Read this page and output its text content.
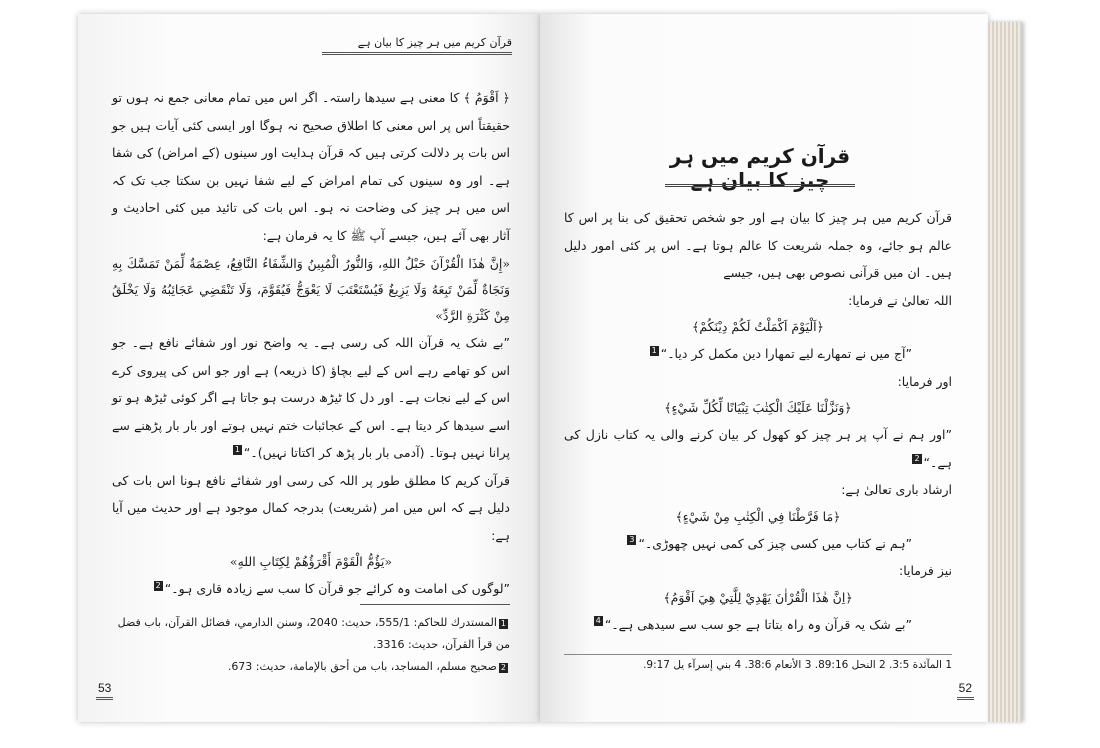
قرآن کریم میں ہر چیز کا بیان ہے
﴿ اَقْوَمُ ﴾ کا معنی ہے سیدھا راستہ۔ اگر اس میں تمام معانی جمع نہ ہوں تو حقیقتاً اس پر اس معنی کا اطلاق صحیح نہ ہوگا اور ایسی کئی آیات ہیں جو اس بات پر دلالت کرتی ہیں کہ قرآن ہدایت اور سینوں (کے امراض) کی شفا ہے۔ اور وہ سینوں کی تمام امراض کے لیے شفا نہیں بن سکتا جب تک کہ اس میں ہر چیز کی وضاحت نہ ہو۔ اس بات کی تائید میں کئی احادیث و آثار بھی آئے ہیں، جیسے آپ ﷺ کا یہ فرمان ہے:
«إِنَّ هٰذَا الْقُرْآنَ حَبْلُ اللهِ، وَالنُّورُ الْمُبِينُ وَالشِّفَاءُ النَّافِعُ، عِصْمَةٌ لِّمَنْ تَمَسَّكَ بِهِ وَنَجَاةٌ لِّمَنْ تَبِعَهُ وَلَا يَزِيغُ فَيُسْتَعْتَبَ لَا يَعْوَجُّ فَيُقَوَّمَ، وَلَا تَنْقَضِي عَجَائِبُهُ وَلَا يَخْلَقُ مِنْ كَثْرَةِ الرَّدِّ»
”بے شک یہ قرآن اللہ کی رسی ہے۔ یہ واضح نور اور شفائے نافع ہے۔ جو اس کو تھامے رہے اس کے لیے بچاؤ (کا ذریعہ) ہے اور جو اس کی پیروی کرے اس کے لیے نجات ہے۔ اور دل کا ٹیڑھ درست ہو جاتا ہے اگر کوئی ٹیڑھ ہو تو اسے سیدھا کر دیتا ہے۔ اس کے عجائبات ختم نہیں ہوتے اور بار بار پڑھنے سے پرانا نہیں ہوتا۔ (آدمی بار بار پڑھ کر اکتاتا نہیں)۔“1
قرآن کریم کا مطلق طور پر اللہ کی رسی اور شفائے نافع ہونا اس بات کی دلیل ہے کہ اس میں امر (شریعت) بدرجہ کمال موجود ہے اور حدیث میں آیا ہے:
«يَؤُمُّ الْقَوْمَ أَقْرَؤُهُمْ لِكِتَابِ اللهِ»
”لوگوں کی امامت وہ کرائے جو قرآن کا سب سے زیادہ قاری ہو۔“2
1المستدرك للحاكم: 555/1، حديث: 2040، وسنن الدارمي، فضائل القرآن، باب فضل من قرأ القرآن، حديث: 3316.
2صحيح مسلم، المساجد، باب من أحق بالإمامة، حديث: 673.
53
قرآن کریم میں ہر چیز کا بیان ہے
قرآن کریم میں ہر چیز کا بیان ہے اور جو شخص تحقیق کی بنا پر اس کا عالم ہو جائے، وہ جملہ شریعت کا عالم ہوتا ہے۔ اس پر کئی امور دلیل ہیں۔ ان میں قرآنی نصوص بھی ہیں، جیسے
اللہ تعالیٰ نے فرمایا:
﴿اَلْيَوْمَ اَكْمَلْتُ لَكُمْ دِيْنَكُمْ﴾
”آج میں نے تمھارے لیے تمھارا دین مکمل کر دیا۔“1
اور فرمایا:
﴿وَنَزَّلْنَا عَلَيْكَ الْكِتٰبَ تِبْيَانًا لِّكُلِّ شَيْءٍ﴾
”اور ہم نے آپ پر ہر چیز کو کھول کر بیان کرنے والی یہ کتاب نازل کی ہے۔“2
ارشاد باری تعالیٰ ہے:
﴿مَا فَرَّطْنَا فِي الْكِتٰبِ مِنْ شَيْءٍ﴾
”ہم نے کتاب میں کسی چیز کی کمی نہیں چھوڑی۔“3
نیز فرمایا:
﴿اِنَّ هٰذَا الْقُرْاٰنَ يَهْدِيْ لِلَّتِيْ هِيَ اَقْوَمُ﴾
”بے شک یہ قرآن وہ راہ بتاتا ہے جو سب سے سیدھی ہے۔“4
1 المآئدة 3:5. 2 النحل 89:16. 3 الأنعام 38:6. 4 بني إسرآء يل 9:17.
52
